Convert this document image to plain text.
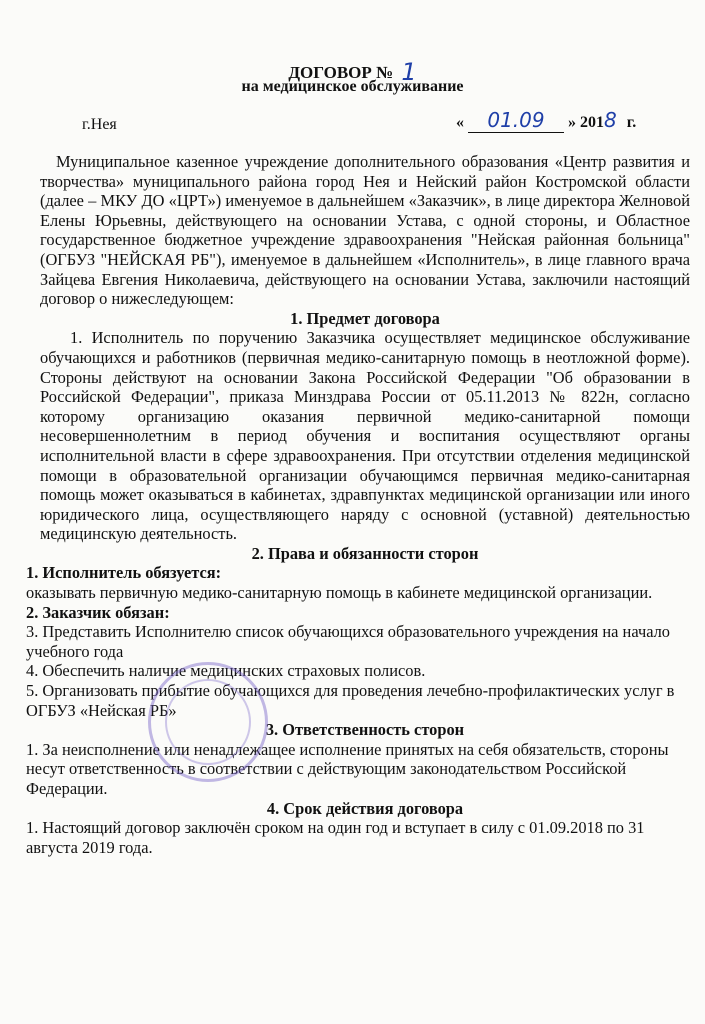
ДОГОВОР № 1
на медицинское обслуживание
г.Нея	« 01.09 » 2018 г.

Муниципальное казенное учреждение дополнительного образования «Центр развития и творчества» муниципального района город Нея и Нейский район Костромской области (далее – МКУ ДО «ЦРТ») именуемое в дальнейшем «Заказчик», в лице директора Желновой Елены Юрьевны, действующего на основании Устава, с одной стороны, и Областное государственное бюджетное учреждение здравоохранения "Нейская районная больница" (ОГБУЗ "НЕЙСКАЯ РБ"), именуемое в дальнейшем «Исполнитель», в лице главного врача Зайцева Евгения Николаевича, действующего на основании Устава, заключили настоящий договор о нижеследующем:

1. Предмет договора

1. Исполнитель по поручению Заказчика осуществляет медицинское обслуживание обучающихся и работников (первичная медико-санитарную помощь в неотложной форме). Стороны действуют на основании Закона Российской Федерации "Об образовании в Российской Федерации", приказа Минздрава России от 05.11.2013 № 822н, согласно которому организацию оказания первичной медико-санитарной помощи несовершеннолетним в период обучения и воспитания осуществляют органы исполнительной власти в сфере здравоохранения. При отсутствии отделения медицинской помощи в образовательной организации обучающимся первичная медико-санитарная помощь может оказываться в кабинетах, здравпунктах медицинской организации или иного юридического лица, осуществляющего наряду с основной (уставной) деятельностью медицинскую деятельность.

2. Права и обязанности сторон

1. Исполнитель обязуется:

оказывать первичную медико-санитарную помощь в кабинете медицинской организации.

2. Заказчик обязан:

3. Представить Исполнителю список обучающихся образовательного учреждения на начало учебного года

4. Обеспечить наличие медицинских страховых полисов.

5. Организовать прибытие обучающихся для проведения лечебно-профилактических услуг в ОГБУЗ «Нейская РБ»

3. Ответственность сторон

1. За неисполнение или ненадлежащее исполнение принятых на себя обязательств, стороны несут ответственность в соответствии с действующим законодательством Российской Федерации.

4. Срок действия договора

1. Настоящий договор заключён сроком на один год и вступает в силу с 01.09.2018 по 31 августа 2019 года.
